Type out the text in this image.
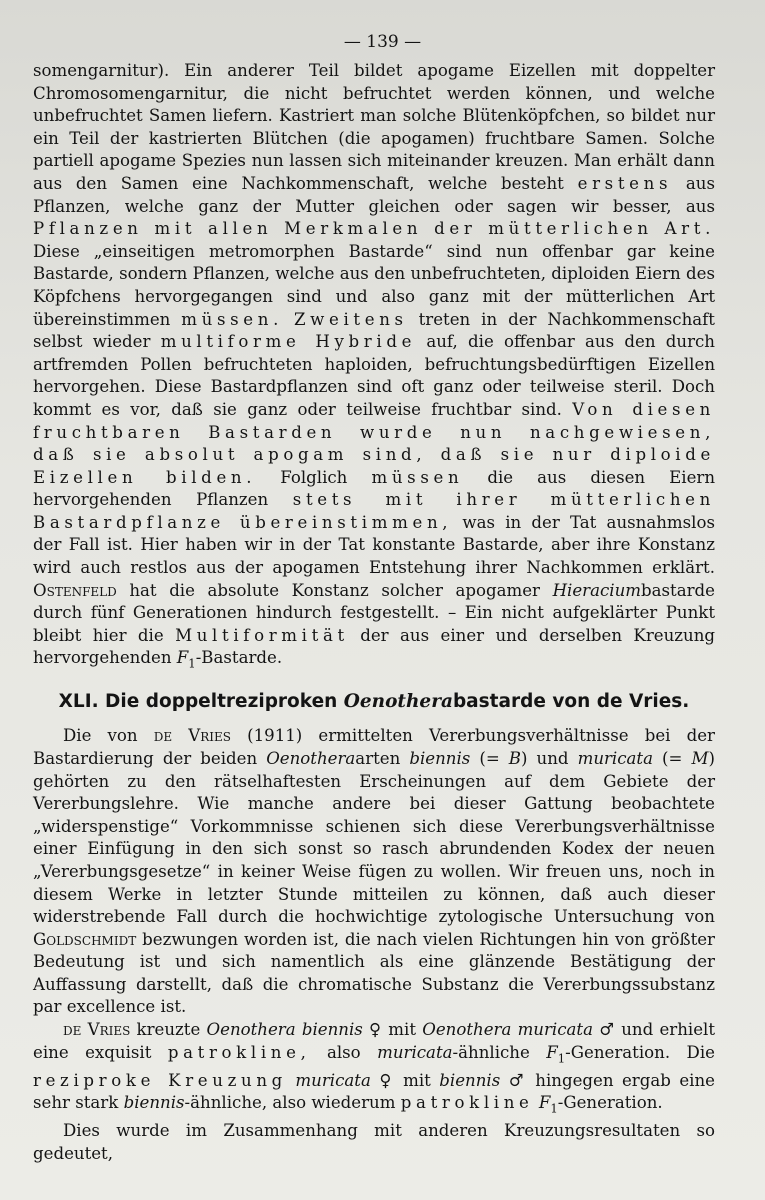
— 139 —

somengarnitur). Ein anderer Teil bildet apogame Eizellen mit doppelter Chromosomengarnitur, die nicht befruchtet werden können, und welche unbefruchtet Samen liefern. Kastriert man solche Blütenköpfchen, so bildet nur ein Teil der kastrierten Blütchen (die apogamen) fruchtbare Samen. Solche partiell apogame Spezies nun lassen sich miteinander kreuzen. Man erhält dann aus den Samen eine Nachkommenschaft, welche besteht erstens aus Pflanzen, welche ganz der Mutter gleichen oder sagen wir besser, aus Pflanzen mit allen Merkmalen der mütterlichen Art. Diese „einseitigen metromorphen Bastarde“ sind nun offenbar gar keine Bastarde, sondern Pflanzen, welche aus den unbefruchteten, diploiden Eiern des Köpfchens hervorgegangen sind und also ganz mit der mütterlichen Art übereinstimmen müssen. Zweitens treten in der Nachkommenschaft selbst wieder multiforme Hybride auf, die offenbar aus den durch artfremden Pollen befruchteten haploiden, befruchtungsbedürftigen Eizellen hervorgehen. Diese Bastardpflanzen sind oft ganz oder teilweise steril. Doch kommt es vor, daß sie ganz oder teilweise fruchtbar sind. Von diesen fruchtbaren Bastarden wurde nun nachgewiesen, daß sie absolut apogam sind, daß sie nur diploide Eizellen bilden. Folglich müssen die aus diesen Eiern hervorgehenden Pflanzen stets mit ihrer mütterlichen Bastardpflanze übereinstimmen, was in der Tat ausnahmslos der Fall ist. Hier haben wir in der Tat konstante Bastarde, aber ihre Konstanz wird auch restlos aus der apogamen Entstehung ihrer Nachkommen erklärt. Ostenfeld hat die absolute Konstanz solcher apogamer Hieraciumbastarde durch fünf Generationen hindurch festgestellt. – Ein nicht aufgeklärter Punkt bleibt hier die Multiformität der aus einer und derselben Kreuzung hervorgehenden $F_1$-Bastarde.

XLI. Die doppeltreziproken Oenotherabastarde von de Vries.

Die von de Vries (1911) ermittelten Vererbungsverhältnisse bei der Bastardierung der beiden Oenotheraarten biennis (= B) und muricata (= M) gehörten zu den rätselhaftesten Erscheinungen auf dem Gebiete der Vererbungslehre. Wie manche andere bei dieser Gattung beobachtete „widerspenstige“ Vorkommnisse schienen sich diese Vererbungsverhältnisse einer Einfügung in den sich sonst so rasch abrundenden Kodex der neuen „Vererbungsgesetze“ in keiner Weise fügen zu wollen. Wir freuen uns, noch in diesem Werke in letzter Stunde mitteilen zu können, daß auch dieser widerstrebende Fall durch die hochwichtige zytologische Untersuchung von Goldschmidt bezwungen worden ist, die nach vielen Richtungen hin von größter Bedeutung ist und sich namentlich als eine glänzende Bestätigung der Auffassung darstellt, daß die chromatische Substanz die Vererbungssubstanz par excellence ist.

de Vries kreuzte Oenothera biennis ♀ mit Oenothera muricata ♂ und erhielt eine exquisit patrokline, also muricata-ähnliche $F_1$-Generation. Die reziproke Kreuzung muricata ♀ mit biennis ♂ hingegen ergab eine sehr stark biennis-ähnliche, also wiederum patrokline $F_1$-Generation.

Dies wurde im Zusammenhang mit anderen Kreuzungsresultaten so gedeutet,
